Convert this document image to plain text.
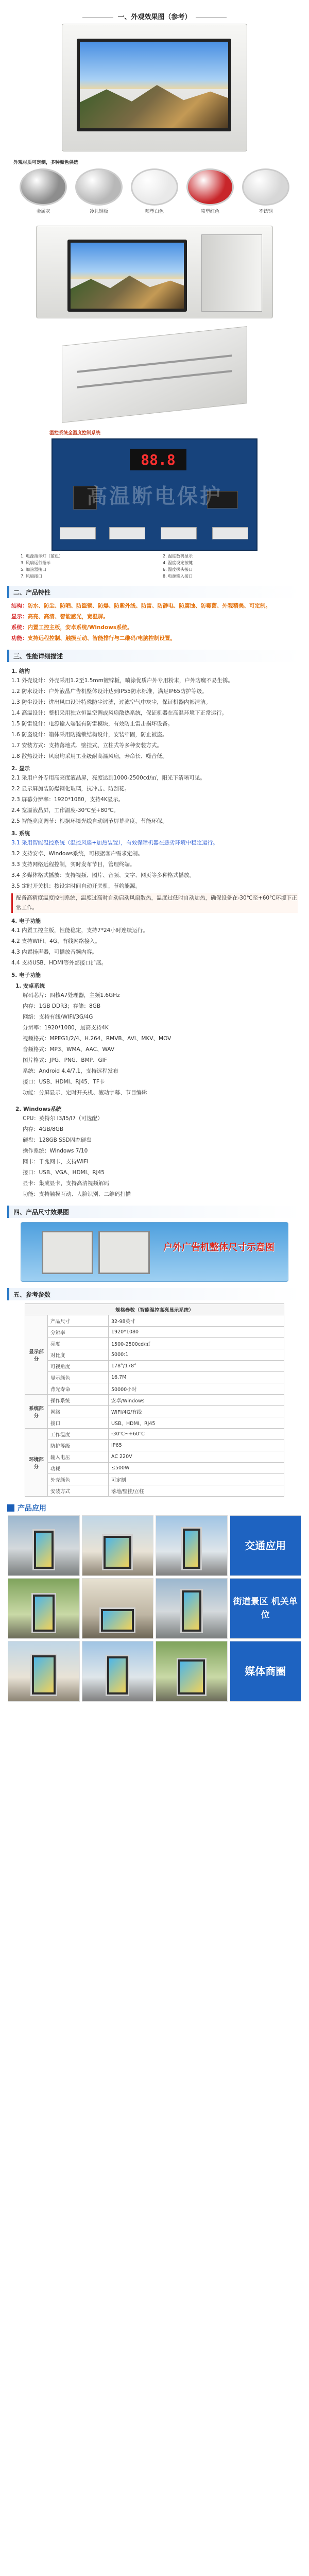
一、外观效果图（参考）
外观材质可定制，多种颜色供选
金属灰	冷轧钢板	喷塑白色	喷塑红色	不锈钢
温控系统全温度控制系统
88.8
高温断电保护
1. 电源指示灯（蓝色）	2. 温度数码显示
3. 风扇运行指示	4. 温度设定按键
5. 加热器接口	6. 温度探头接口
7. 风扇接口	8. 电源输入接口
二、产品特性
结构：防水、防尘、防晒、防盗锁、防爆、防紫外线、防雷、防静电、防腐蚀、防霉菌、外观精美、可定制。
显示：高亮、高清、智能感光，宽温屏。
系统：内置工控主板，安卓系统/Windows系统。
功能：支持远程控制、触摸互动、智能排行与二维码/电脑控制设置。
三、性能详细描述
1. 结构
1.1 外壳设计：外壳采用1.2至1.5mm镀锌板，喷涂优质户外专用粉末，户外防腐不易生锈。
1.2 防水设计：户外液晶广告机整体设计达到IP55防水标准，满足IP65防护等级。
1.3 防尘设计：进出风口设计特殊防尘过滤，过滤空气中灰尘，保证机器内部清洁。
1.4 高温设计：整机采用独立恒温空调或风扇散热系统，保证机器在高温环境下正常运行。
1.5 防雷设计：电源输入端装有防雷模块，有效防止雷击损坏设备。
1.6 防盗设计：箱体采用防撬锁结构设计，安装牢固，防止被盗。
1.7 安装方式：支持落地式、壁挂式、立柱式等多种安装方式。
1.8 散热设计：风扇均采用工业级耐高温风扇，寿命长、噪音低。
2. 显示
2.1 采用户外专用高亮度液晶屏，亮度达到1000-2500cd/㎡，阳光下清晰可见。
2.2 显示屏加装防爆钢化玻璃，抗冲击、防刮花。
2.3 屏幕分辨率：1920*1080，支持4K显示。
2.4 宽温液晶屏，工作温度-30℃至+80℃。
2.5 智能亮度调节：根据环境光线自动调节屏幕亮度，节能环保。
3. 系统
3.1 采用智能温控系统（温控风扇+加热装置），有效保障机器在恶劣环境中稳定运行。
3.2 支持安卓、Windows系统，可根据客户需求定制。
3.3 支持网络远程控制，实时发布节目，管理终端。
3.4 多媒体格式播放：支持视频、图片、音频、文字、网页等多种格式播放。
3.5 定时开关机：按设定时间自动开关机，节约能源。
配备高精度温度控制系统，温度过高时自动启动风扇散热，温度过低时自动加热，确保设备在-30℃至+60℃环境下正常工作。
4. 电子功能
4.1 内置工控主板，性能稳定，支持7*24小时连续运行。
4.2 支持WIFI、4G、有线网络接入。
4.3 内置扬声器，可播放音频内容。
4.4 支持USB、HDMI等外部接口扩展。
5. 电子功能
1. 安卓系统
解码芯片：四核A7处理器，主频1.6GHz
内存：1GB DDR3；存储：8GB
网络：支持有线/WIFI/3G/4G
分辨率：1920*1080，最高支持4K
视频格式：MPEG1/2/4、H.264、RMVB、AVI、MKV、MOV
音频格式：MP3、WMA、AAC、WAV
图片格式：JPG、PNG、BMP、GIF
系统：Android 4.4/7.1，支持远程发布
接口：USB、HDMI、RJ45、TF卡
功能：分屏显示、定时开关机、滚动字幕、节目编辑
2. Windows系统
CPU：英特尔 I3/I5/I7（可选配）
内存：4GB/8GB
硬盘：128GB SSD固态硬盘
操作系统：Windows 7/10
网卡：千兆网卡，支持WIFI
接口：USB、VGA、HDMI、RJ45
显卡：集成显卡，支持高清视频解码
功能：支持触摸互动、人脸识别、二维码扫描
四、产品尺寸效果图
户外广告机整体尺寸示意图
五、参考参数
规格参数（智能温控高亮显示系统）		
显示部分	产品尺寸	32-98英寸
	分辨率	1920*1080
	亮度	1500-2500cd/㎡
	对比度	5000:1
	可视角度	178°/178°
	显示颜色	16.7M
	背光寿命	50000小时
系统部分	操作系统	安卓/Windows
	网络	WIFI/4G/有线
	接口	USB、HDMI、RJ45
环境部分	工作温度	-30℃~+60℃
	防护等级	IP65
	输入电压	AC 220V
	功耗	≤500W
	外壳颜色	可定制
	安装方式	落地/壁挂/立柱
产品应用
交通应用
街道景区 机关单位
媒体商圈
